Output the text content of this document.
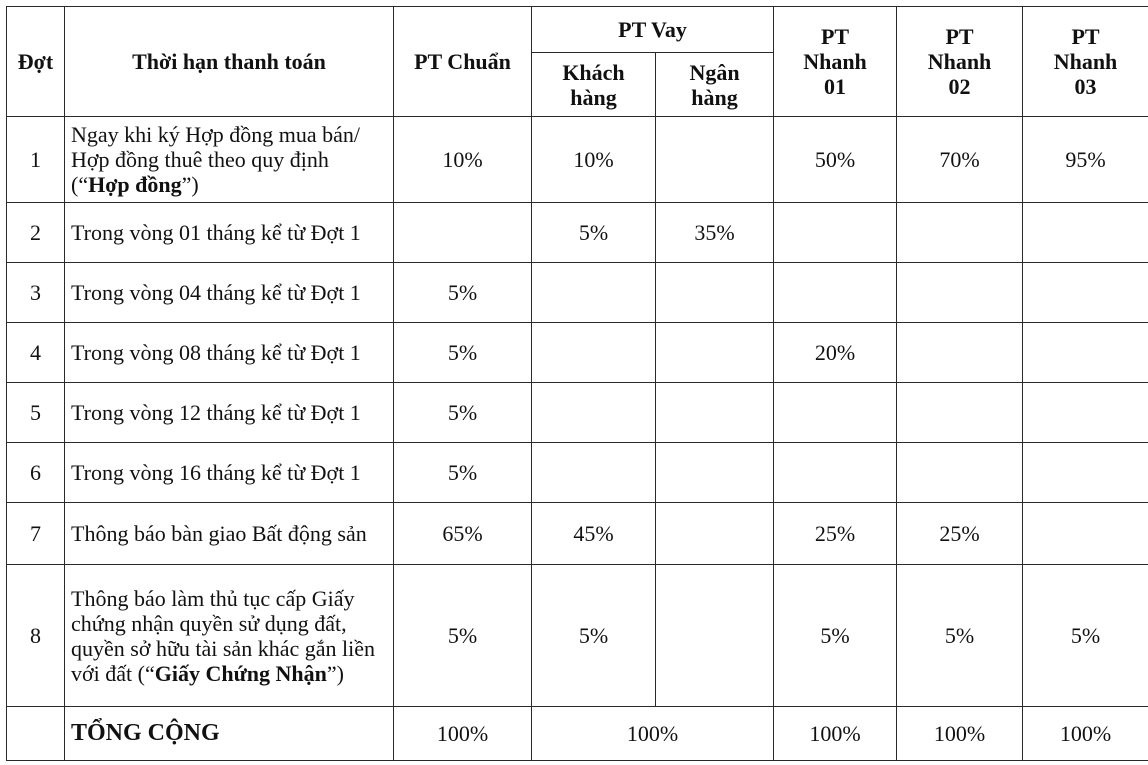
Đợt	Thời hạn thanh toán	PT Chuẩn	PT Vay		PT Nhanh 01	PT Nhanh 02	PT Nhanh 03
			Khách hàng	Ngân hàng			
1	Ngay khi ký Hợp đồng mua bán/ Hợp đồng thuê theo quy định (“Hợp đồng”)	10%	10%		50%	70%	95%
2	Trong vòng 01 tháng kể từ Đợt 1		5%	35%			
3	Trong vòng 04 tháng kể từ Đợt 1	5%					
4	Trong vòng 08 tháng kể từ Đợt 1	5%			20%		
5	Trong vòng 12 tháng kể từ Đợt 1	5%					
6	Trong vòng 16 tháng kể từ Đợt 1	5%					
7	Thông báo bàn giao Bất động sản	65%	45%		25%	25%	
8	Thông báo làm thủ tục cấp Giấy chứng nhận quyền sử dụng đất, quyền sở hữu tài sản khác gắn liền với đất (“Giấy Chứng Nhận”)	5%	5%		5%	5%	5%
	TỔNG CỘNG	100%	100%		100%	100%	100%
